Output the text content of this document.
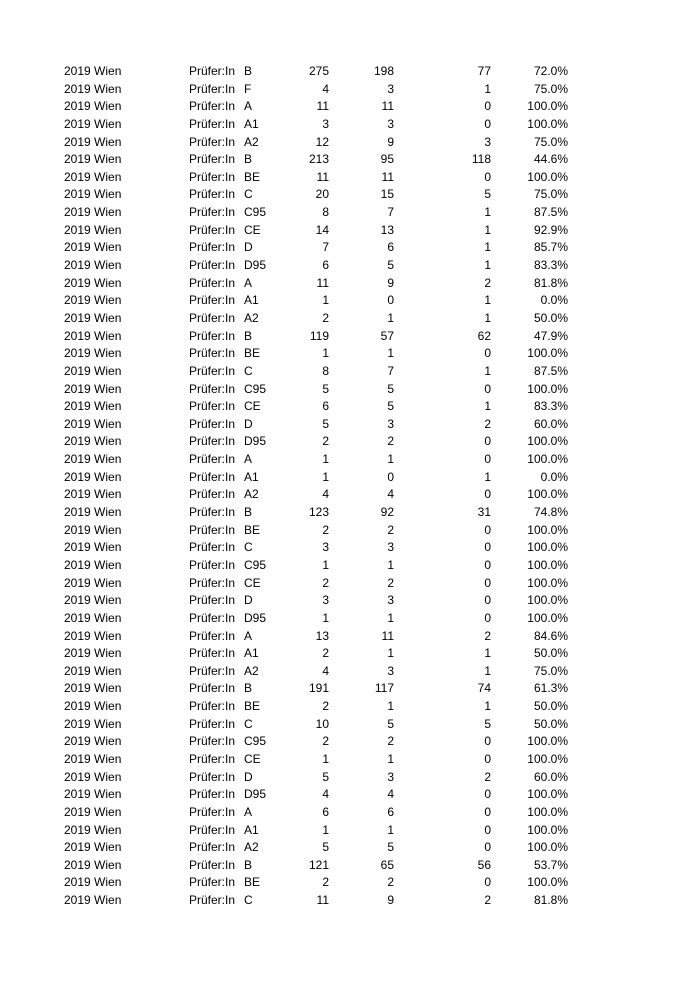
2019 Wien	Prüfer:In B	275	198	77	72.0%
2019 Wien	Prüfer:In F	4	3	1	75.0%
2019 Wien	Prüfer:In A	11	11	0	100.0%
2019 Wien	Prüfer:In A1	3	3	0	100.0%
2019 Wien	Prüfer:In A2	12	9	3	75.0%
2019 Wien	Prüfer:In B	213	95	118	44.6%
2019 Wien	Prüfer:In BE	11	11	0	100.0%
2019 Wien	Prüfer:In C	20	15	5	75.0%
2019 Wien	Prüfer:In C95	8	7	1	87.5%
2019 Wien	Prüfer:In CE	14	13	1	92.9%
2019 Wien	Prüfer:In D	7	6	1	85.7%
2019 Wien	Prüfer:In D95	6	5	1	83.3%
2019 Wien	Prüfer:In A	11	9	2	81.8%
2019 Wien	Prüfer:In A1	1	0	1	0.0%
2019 Wien	Prüfer:In A2	2	1	1	50.0%
2019 Wien	Prüfer:In B	119	57	62	47.9%
2019 Wien	Prüfer:In BE	1	1	0	100.0%
2019 Wien	Prüfer:In C	8	7	1	87.5%
2019 Wien	Prüfer:In C95	5	5	0	100.0%
2019 Wien	Prüfer:In CE	6	5	1	83.3%
2019 Wien	Prüfer:In D	5	3	2	60.0%
2019 Wien	Prüfer:In D95	2	2	0	100.0%
2019 Wien	Prüfer:In A	1	1	0	100.0%
2019 Wien	Prüfer:In A1	1	0	1	0.0%
2019 Wien	Prüfer:In A2	4	4	0	100.0%
2019 Wien	Prüfer:In B	123	92	31	74.8%
2019 Wien	Prüfer:In BE	2	2	0	100.0%
2019 Wien	Prüfer:In C	3	3	0	100.0%
2019 Wien	Prüfer:In C95	1	1	0	100.0%
2019 Wien	Prüfer:In CE	2	2	0	100.0%
2019 Wien	Prüfer:In D	3	3	0	100.0%
2019 Wien	Prüfer:In D95	1	1	0	100.0%
2019 Wien	Prüfer:In A	13	11	2	84.6%
2019 Wien	Prüfer:In A1	2	1	1	50.0%
2019 Wien	Prüfer:In A2	4	3	1	75.0%
2019 Wien	Prüfer:In B	191	117	74	61.3%
2019 Wien	Prüfer:In BE	2	1	1	50.0%
2019 Wien	Prüfer:In C	10	5	5	50.0%
2019 Wien	Prüfer:In C95	2	2	0	100.0%
2019 Wien	Prüfer:In CE	1	1	0	100.0%
2019 Wien	Prüfer:In D	5	3	2	60.0%
2019 Wien	Prüfer:In D95	4	4	0	100.0%
2019 Wien	Prüfer:In A	6	6	0	100.0%
2019 Wien	Prüfer:In A1	1	1	0	100.0%
2019 Wien	Prüfer:In A2	5	5	0	100.0%
2019 Wien	Prüfer:In B	121	65	56	53.7%
2019 Wien	Prüfer:In BE	2	2	0	100.0%
2019 Wien	Prüfer:In C	11	9	2	81.8%
